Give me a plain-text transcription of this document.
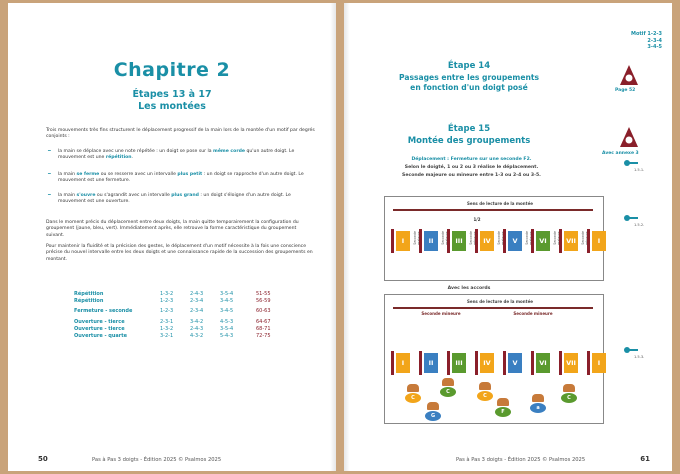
Chapitre 2
Étapes 13 à 17
Les montées
Trois mouvements très fins structurent le déplacement progressif de la main lors de la montée d'un motif par degrés conjoints :
━ la main se déplace avec une note répétée : un doigt se pose sur la même corde qu'un autre doigt. Le mouvement est une répétition.
━ la main se ferme ou se resserre avec un intervalle plus petit : un doigt se rapproche d'un autre doigt. Le mouvement est une fermeture.
━ la main s'ouvre ou s'agrandit avec un intervalle plus grand : un doigt s'éloigne d'un autre doigt. Le mouvement est une ouverture.
Dans le moment précis du déplacement entre deux doigts, la main quitte temporairement la configuration du groupement (jaune, bleu, vert). Immédiatement après, elle retrouve la forme caractéristique du groupement suivant.
Pour maintenir la fluidité et la précision des gestes, le déplacement d'un motif nécessite à la fois une conscience précise du nouvel intervalle entre les deux doigts et une connaissance rapide de la succession des groupements en montant.
Répétition	1-3-2	2-4-3	3-5-4	51-55
Répétition	1-2-3	2-3-4	3-4-5	56-59
Fermeture - seconde	1-2-3	2-3-4	3-4-5	60-63
Ouverture - tierce	2-3-1	3-4-2	4-5-3	64-67
Ouverture - tierce	1-3-2	2-4-3	3-5-4	68-71
Ouverture - quarte	3-2-1	4-3-2	5-4-3	72-75
50	Pas à Pas 3 doigts - Édition 2025 © Psalmos 2025
Motif 1-2-3
2-3-4
3-4-5
Page 52
Avec annexe 3
1.5.1.
1.5.2.
1.5.3.
Étape 14
Passages entre les groupements
en fonction d'un doigt posé
Étape 15
Montée des groupements
Déplacement : Fermeture sur une seconde F2.
Selon le doigté, 1 ou 2 ou 3 réalise le déplacement.
Seconde majeure ou mineure entre 1-3 ou 2-4 ou 3-5.
Sens de lecture de la montée
I	Seconde	II	Seconde	III	Seconde	IV	Seconde	V	Seconde	VI	Seconde	VII	Seconde	I
1/2
Avec les accords
Sens de lecture de la montée
Seconde mineure	Seconde mineure
I	II	III	IV	V	VI	VII	I
C
C
C
G
F
a
C
Pas à Pas 3 doigts - Édition 2025 © Psalmos 2025	61
